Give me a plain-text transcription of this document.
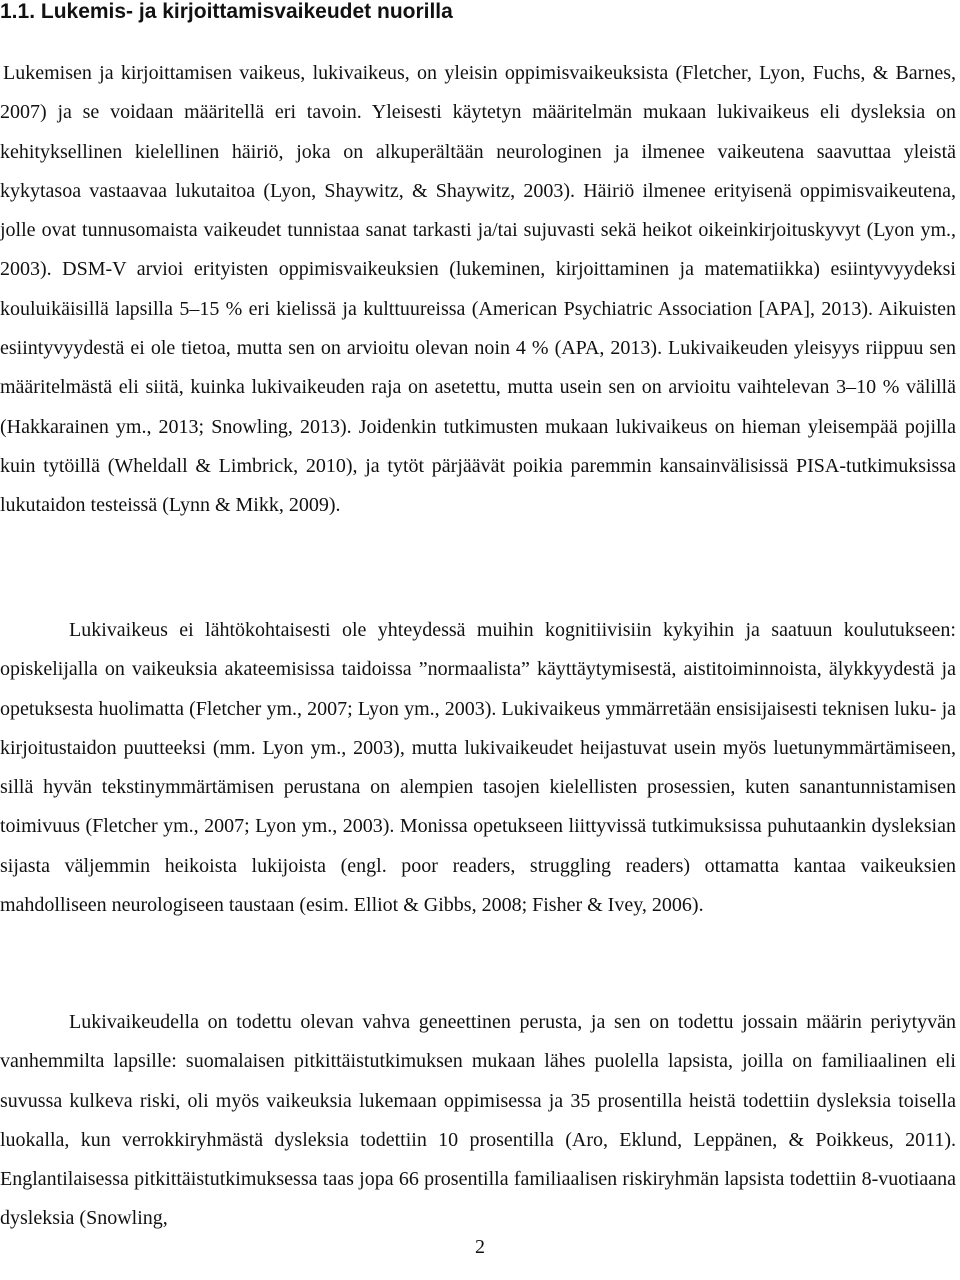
1.1. Lukemis- ja kirjoittamisvaikeudet nuorilla

Lukemisen ja kirjoittamisen vaikeus, lukivaikeus, on yleisin oppimisvaikeuksista (Fletcher, Lyon, Fuchs, & Barnes, 2007) ja se voidaan määritellä eri tavoin. Yleisesti käytetyn määritelmän mukaan lukivaikeus eli dysleksia on kehityksellinen kielellinen häiriö, joka on alkuperältään neurologinen ja ilmenee vaikeutena saavuttaa yleistä kykytasoa vastaavaa lukutaitoa (Lyon, Shaywitz, & Shaywitz, 2003). Häiriö ilmenee erityisenä oppimisvaikeutena, jolle ovat tunnusomaista vaikeudet tunnistaa sanat tarkasti ja/tai sujuvasti sekä heikot oikeinkirjoituskyvyt (Lyon ym., 2003). DSM-V arvioi erityisten oppimisvaikeuksien (lukeminen, kirjoittaminen ja matematiikka) esiintyvyydeksi kouluikäisillä lapsilla 5–15 % eri kielissä ja kulttuureissa (American Psychiatric Association [APA], 2013). Aikuisten esiintyvyydestä ei ole tietoa, mutta sen on arvioitu olevan noin 4 % (APA, 2013). Lukivaikeuden yleisyys riippuu sen määritelmästä eli siitä, kuinka lukivaikeuden raja on asetettu, mutta usein sen on arvioitu vaihtelevan 3–10 % välillä (Hakkarainen ym., 2013; Snowling, 2013). Joidenkin tutkimusten mukaan lukivaikeus on hieman yleisempää pojilla kuin tytöillä (Wheldall & Limbrick, 2010), ja tytöt pärjäävät poikia paremmin kansainvälisissä PISA-tutkimuksissa lukutaidon testeissä (Lynn & Mikk, 2009).

Lukivaikeus ei lähtökohtaisesti ole yhteydessä muihin kognitiivisiin kykyihin ja saatuun koulutukseen: opiskelijalla on vaikeuksia akateemisissa taidoissa ”normaalista” käyttäytymisestä, aistitoiminnoista, älykkyydestä ja opetuksesta huolimatta (Fletcher ym., 2007; Lyon ym., 2003). Lukivaikeus ymmärretään ensisijaisesti teknisen luku- ja kirjoitustaidon puutteeksi (mm. Lyon ym., 2003), mutta lukivaikeudet heijastuvat usein myös luetunymmärtämiseen, sillä hyvän tekstinymmärtämisen perustana on alempien tasojen kielellisten prosessien, kuten sanantunnistamisen toimivuus (Fletcher ym., 2007; Lyon ym., 2003). Monissa opetukseen liittyvissä tutkimuksissa puhutaankin dysleksian sijasta väljemmin heikoista lukijoista (engl. poor readers, struggling readers) ottamatta kantaa vaikeuksien mahdolliseen neurologiseen taustaan (esim. Elliot & Gibbs, 2008; Fisher & Ivey, 2006).

Lukivaikeudella on todettu olevan vahva geneettinen perusta, ja sen on todettu jossain määrin periytyvän vanhemmilta lapsille: suomalaisen pitkittäistutkimuksen mukaan lähes puolella lapsista, joilla on familiaalinen eli suvussa kulkeva riski, oli myös vaikeuksia lukemaan oppimisessa ja 35 prosentilla heistä todettiin dysleksia toisella luokalla, kun verrokkiryhmästä dysleksia todettiin 10 prosentilla (Aro, Eklund, Leppänen, & Poikkeus, 2011). Englantilaisessa pitkittäistutkimuksessa taas jopa 66 prosentilla familiaalisen riskiryhmän lapsista todettiin 8-vuotiaana dysleksia (Snowling,

2
